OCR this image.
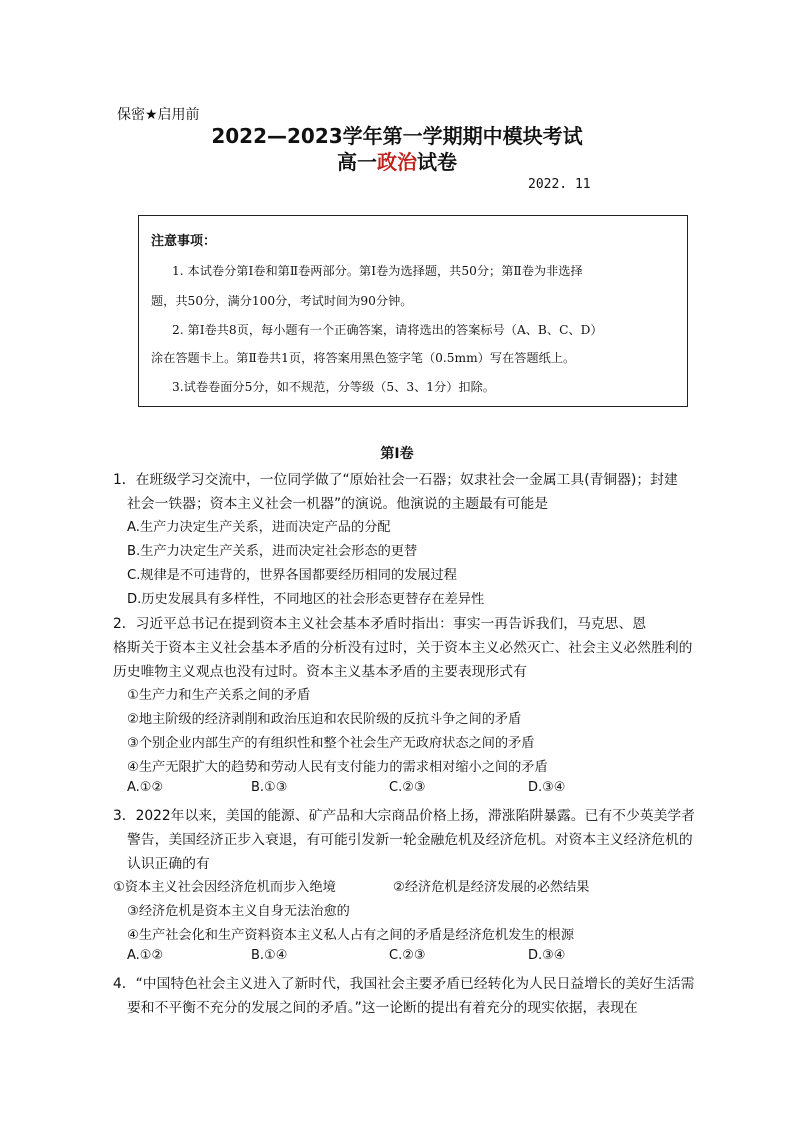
保密★启用前
2022—2023学年第一学期期中模块考试
高一政治试卷
2022. 11
注意事项：
1. 本试卷分第Ⅰ卷和第Ⅱ卷两部分。第Ⅰ卷为选择题，共50分；第Ⅱ卷为非选择
题，共50分，满分100分，考试时间为90分钟。
2. 第Ⅰ卷共8页，每小题有一个正确答案，请将选出的答案标号（A、B、C、D）
涂在答题卡上。第Ⅱ卷共1页，将答案用黑色签字笔（0.5mm）写在答题纸上。
3.试卷卷面分5分，如不规范，分等级（5、3、1分）扣除。
第Ⅰ卷
1．在班级学习交流中，一位同学做了“原始社会一石器；奴隶社会一金属工具(青铜器)；封建
社会一铁器；资本主义社会一机器”的演说。他演说的主题最有可能是
A.生产力决定生产关系，进而决定产品的分配
B.生产力决定生产关系，进而决定社会形态的更替
C.规律是不可违背的，世界各国都要经历相同的发展过程
D.历史发展具有多样性，不同地区的社会形态更替存在差异性
2．习近平总书记在提到资本主义社会基本矛盾时指出：事实一再告诉我们，马克思、恩
格斯关于资本主义社会基本矛盾的分析没有过时，关于资本主义必然灭亡、社会主义必然胜利的
历史唯物主义观点也没有过时。资本主义基本矛盾的主要表现形式有
①生产力和生产关系之间的矛盾
②地主阶级的经济剥削和政治压迫和农民阶级的反抗斗争之间的矛盾
③个别企业内部生产的有组织性和整个社会生产无政府状态之间的矛盾
④生产无限扩大的趋势和劳动人民有支付能力的需求相对缩小之间的矛盾
A.①②	B.①③	C.②③	D.③④
3．2022年以来，美国的能源、矿产品和大宗商品价格上扬，滞涨陷阱暴露。已有不少英美学者
警告，美国经济正步入衰退，有可能引发新一轮金融危机及经济危机。对资本主义经济危机的
认识正确的有
①资本主义社会因经济危机而步入绝境	②经济危机是经济发展的必然结果
③经济危机是资本主义自身无法治愈的
④生产社会化和生产资料资本主义私人占有之间的矛盾是经济危机发生的根源
A.①②	B.①④	C.②③	D.③④
4．“中国特色社会主义进入了新时代，我国社会主要矛盾已经转化为人民日益增长的美好生活需
要和不平衡不充分的发展之间的矛盾。”这一论断的提出有着充分的现实依据，表现在
